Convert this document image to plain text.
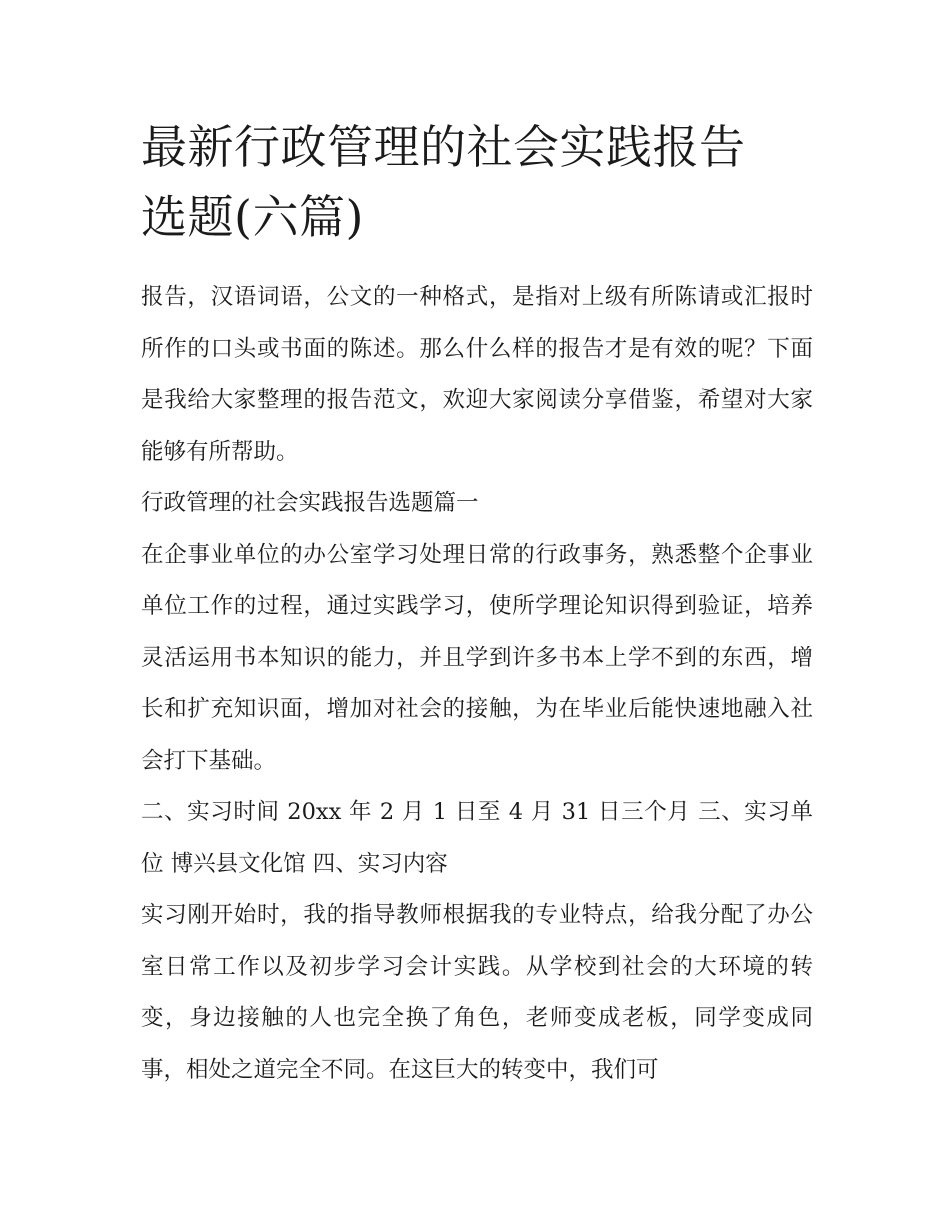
最新行政管理的社会实践报告
选题(六篇)

报告，汉语词语，公文的一种格式，是指对上级有所陈请或汇报时所作的口头或书面的陈述。那么什么样的报告才是有效的呢？下面是我给大家整理的报告范文，欢迎大家阅读分享借鉴，希望对大家能够有所帮助。

行政管理的社会实践报告选题篇一

在企事业单位的办公室学习处理日常的行政事务，熟悉整个企事业单位工作的过程，通过实践学习，使所学理论知识得到验证，培养灵活运用书本知识的能力，并且学到许多书本上学不到的东西，增长和扩充知识面，增加对社会的接触，为在毕业后能快速地融入社会打下基础。

二、实习时间 20xx 年 2 月 1 日至 4 月 31 日三个月 三、实习单位 博兴县文化馆 四、实习内容

实习刚开始时，我的指导教师根据我的专业特点，给我分配了办公室日常工作以及初步学习会计实践。从学校到社会的大环境的转变，身边接触的人也完全换了角色，老师变成老板，同学变成同事，相处之道完全不同。在这巨大的转变中，我们可
